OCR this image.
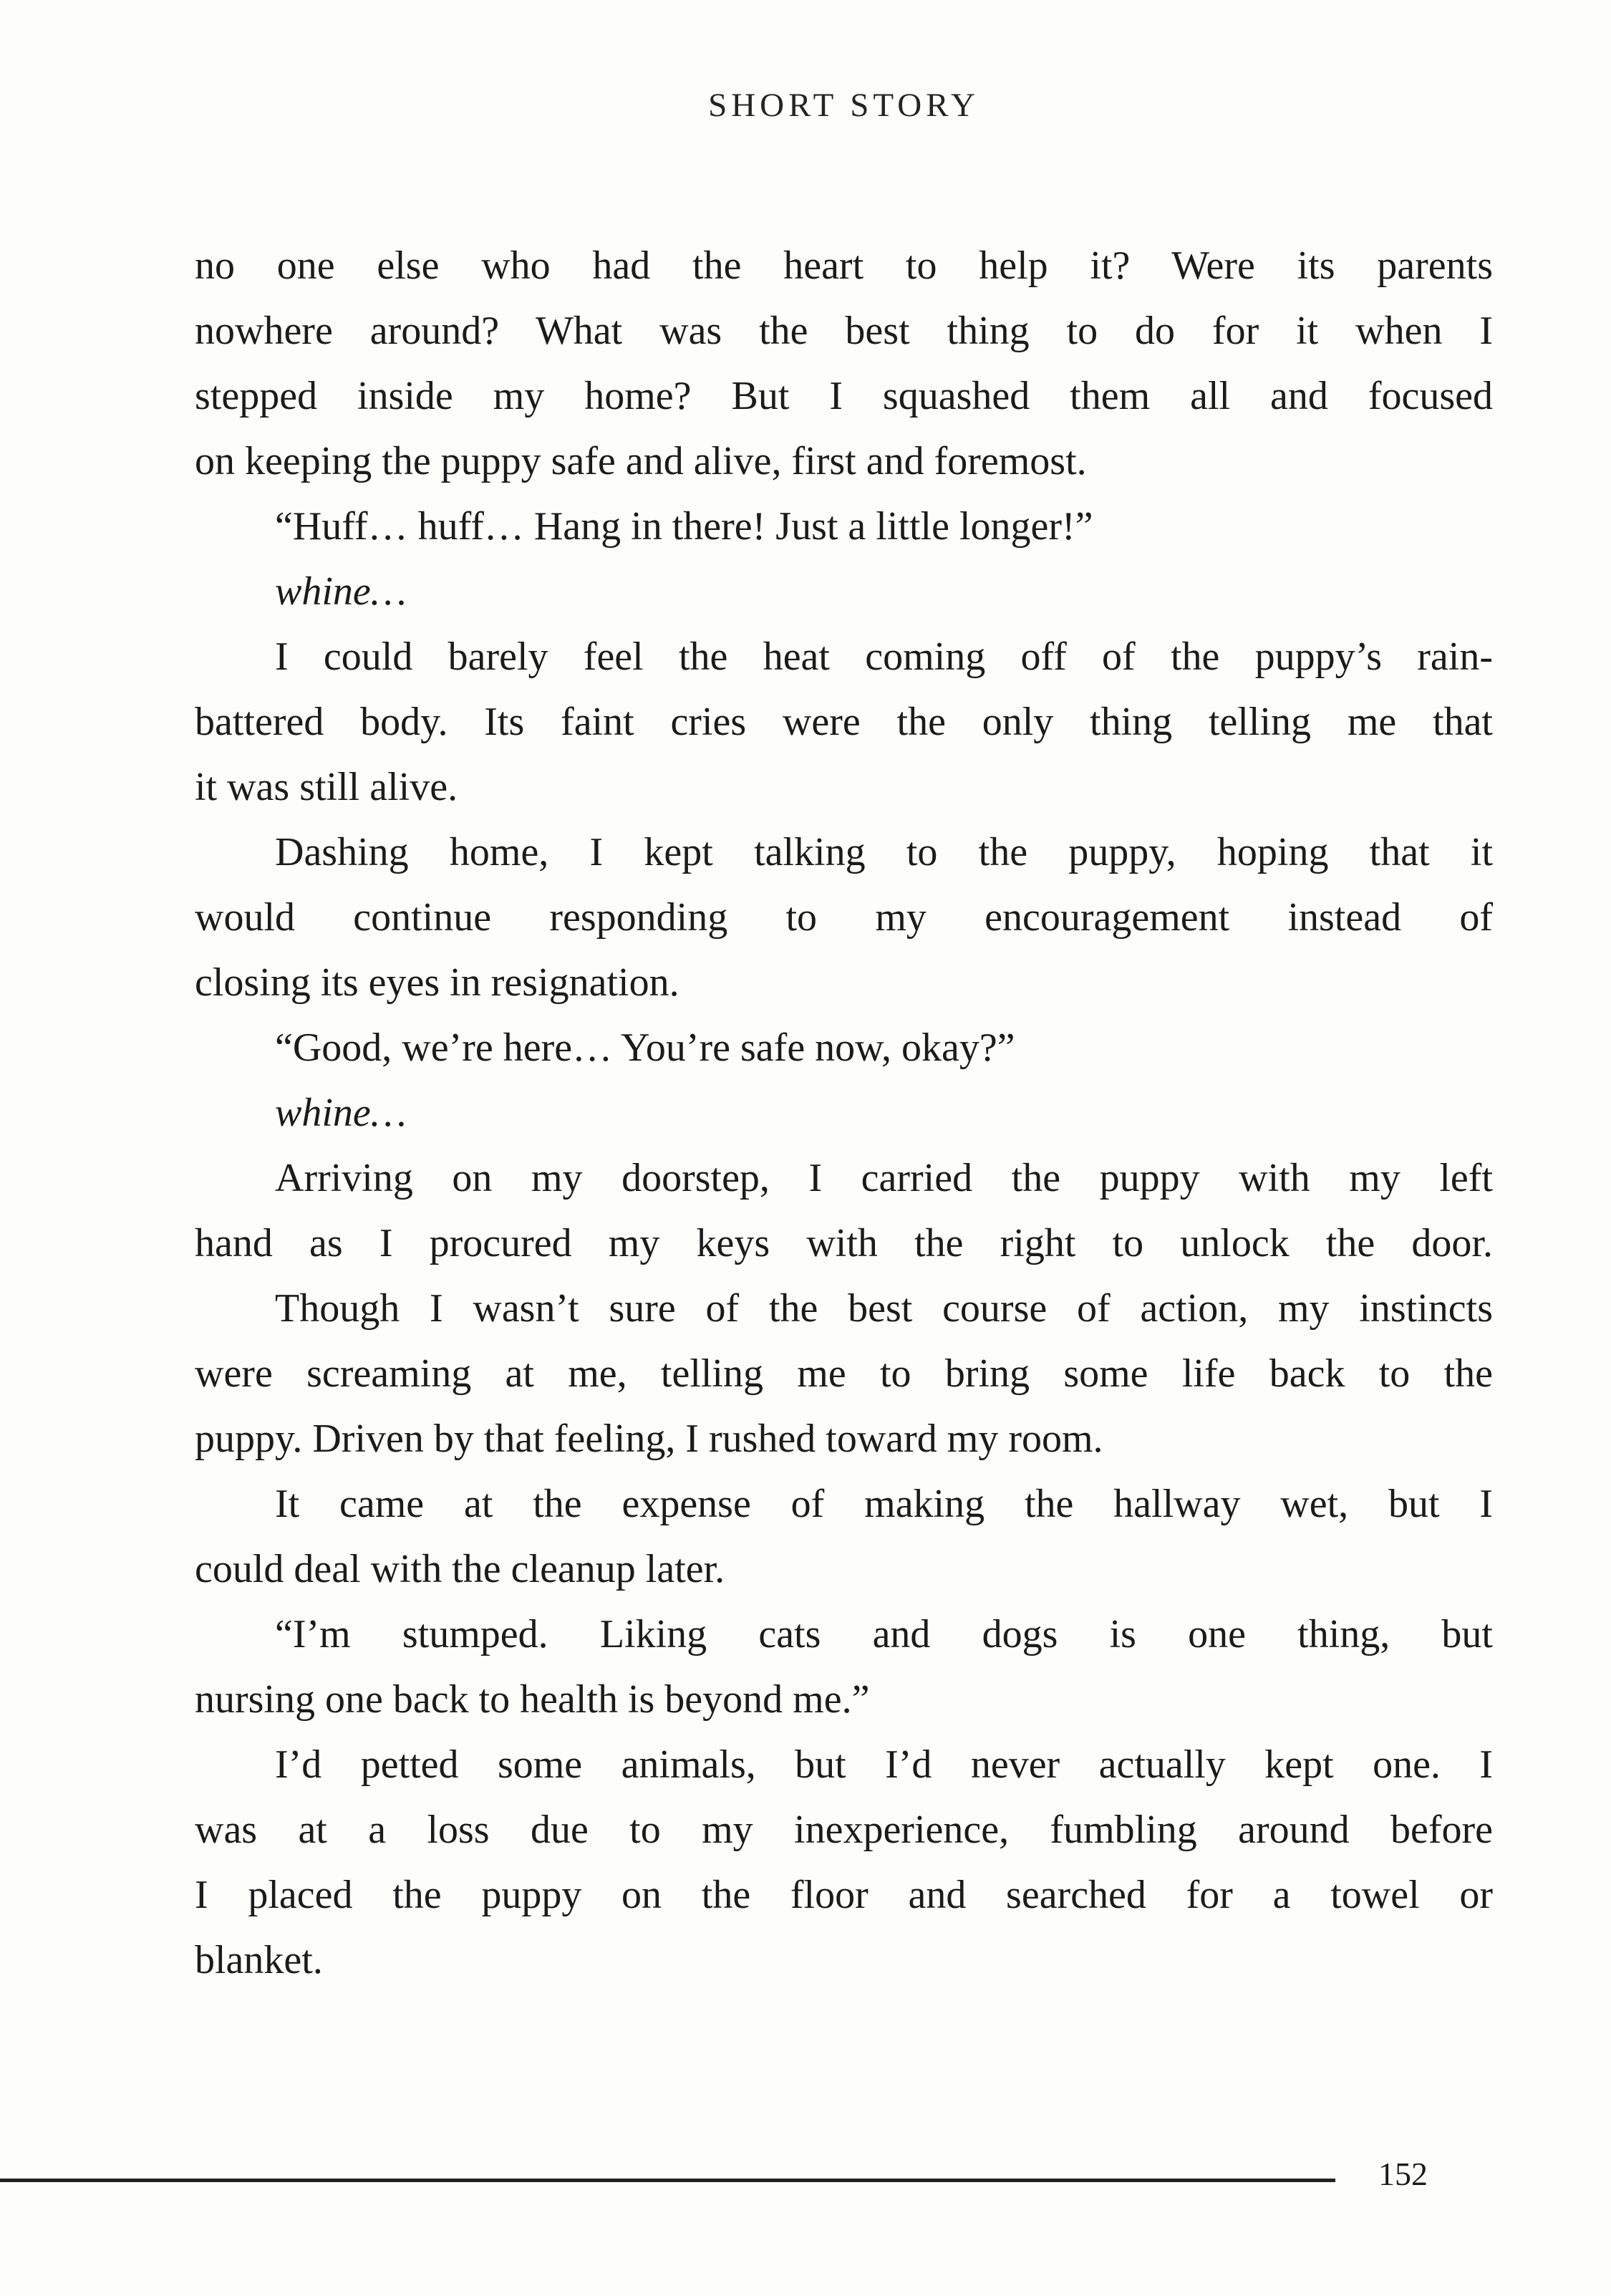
SHORT STORY
no one else who had the heart to help it? Were its parents
nowhere around? What was the best thing to do for it when I
stepped inside my home? But I squashed them all and focused
on keeping the puppy safe and alive, first and foremost.
“Huff… huff… Hang in there! Just a little longer!”
whine…
I could barely feel the heat coming off of the puppy’s rain-
battered body. Its faint cries were the only thing telling me that
it was still alive.
Dashing home, I kept talking to the puppy, hoping that it
would continue responding to my encouragement instead of
closing its eyes in resignation.
“Good, we’re here… You’re safe now, okay?”
whine…
Arriving on my doorstep, I carried the puppy with my left
hand as I procured my keys with the right to unlock the door.
Though I wasn’t sure of the best course of action, my instincts
were screaming at me, telling me to bring some life back to the
puppy. Driven by that feeling, I rushed toward my room.
It came at the expense of making the hallway wet, but I
could deal with the cleanup later.
“I’m stumped. Liking cats and dogs is one thing, but
nursing one back to health is beyond me.”
I’d petted some animals, but I’d never actually kept one. I
was at a loss due to my inexperience, fumbling around before
I placed the puppy on the floor and searched for a towel or
blanket.
152
